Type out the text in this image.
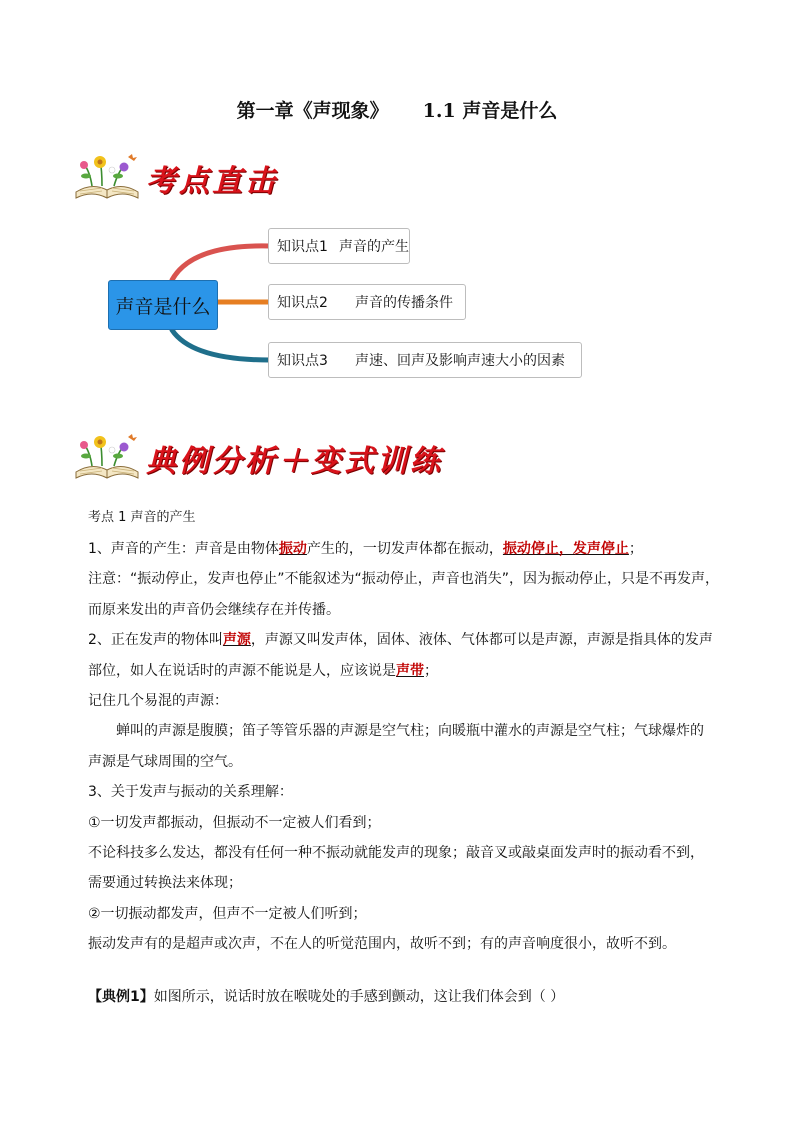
第一章《声现象》 1.1 声音是什么
考点直击
声音是什么
知识点1 声音的产生
知识点2	声音的传播条件
知识点3	声速、回声及影响声速大小的因素
典例分析＋变式训练

考点 1 声音的产生

1、声音的产生：声音是由物体振动产生的，一切发声体都在振动，振动停止，发声停止；

注意：“振动停止，发声也停止”不能叙述为“振动停止，声音也消失”，因为振动停止，只是不再发声，

而原来发出的声音仍会继续存在并传播。

2、正在发声的物体叫声源，声源又叫发声体，固体、液体、气体都可以是声源，声源是指具体的发声

部位，如人在说话时的声源不能说是人，应该说是声带；

记住几个易混的声源：

蝉叫的声源是腹膜；笛子等管乐器的声源是空气柱；向暖瓶中灌水的声源是空气柱；气球爆炸的

声源是气球周围的空气。

3、关于发声与振动的关系理解：

①一切发声都振动，但振动不一定被人们看到；

不论科技多么发达，都没有任何一种不振动就能发声的现象；敲音叉或敲桌面发声时的振动看不到，

需要通过转换法来体现；

②一切振动都发声，但声不一定被人们听到；

振动发声有的是超声或次声，不在人的听觉范围内，故听不到；有的声音响度很小，故听不到。

【典例1】如图所示，说话时放在喉咙处的手感到颤动，这让我们体会到（ ）
